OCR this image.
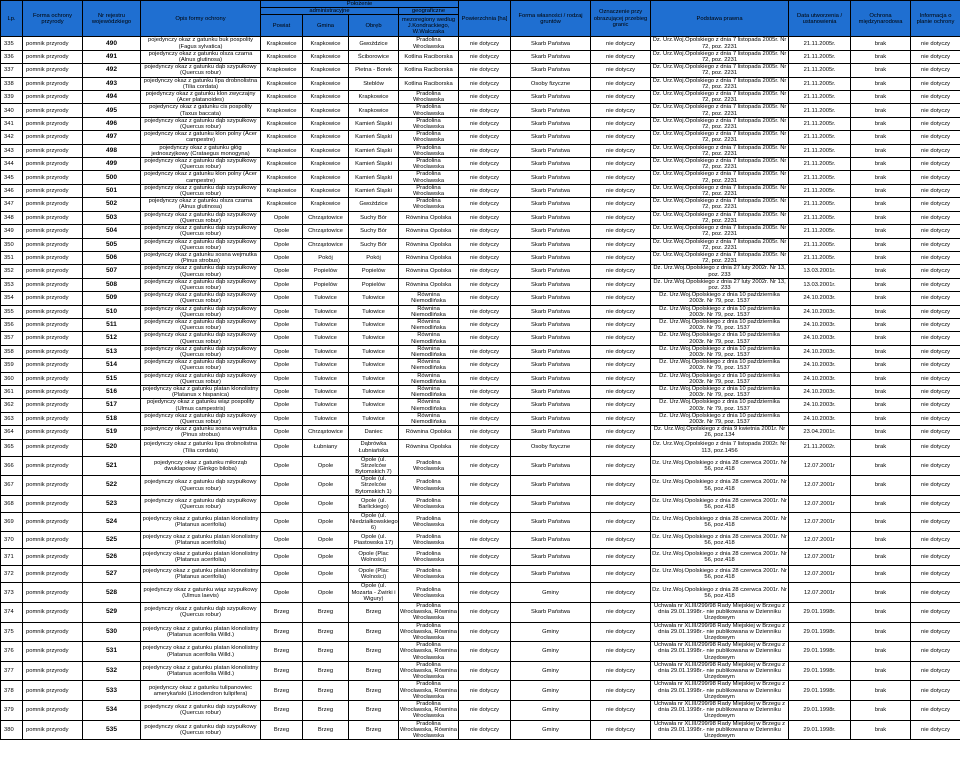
Lp.	Forma ochrony przyrody	Nr rejestru wojewódzkiego	Opis formy ochrony	Położenie				Powierzchnia [ha]	Forma własności / rodzaj gruntów	Oznaczenie przy obrazującej przebieg granic	Podstawa prawna	Data utworzenia / ustanowienia	Ochrona międzynarodowa	Informacja o planie ochrony
				administracyjne			geograficzne							
				Powiat	Gmina	Obręb	mezoregiony według J.Kondrackiego, W.Walczaka							
335	pomnik przyrody	490	pojedynczy okaz z gatunku buk pospolity (Fagus sylvatica)	Krapkowice	Krapkowice	Gwoździce	Pradolina Wrocławska	nie dotyczy	Skarb Państwa	nie dotyczy	Dz. Urz.Woj.Opolskiego z dnia 7 listopada 2005r. Nr 72, poz. 2231	21.11.2005r.	brak	nie dotyczy
336	pomnik przyrody	491	pojedynczy okaz z gatunku olsza czarna (Alnus glutinosa)	Krapkowice	Krapkowice	Ściborowice	Kotlina Raciborska	nie dotyczy	Skarb Państwa	nie dotyczy	Dz. Urz.Woj.Opolskiego z dnia 7 listopada 2005r. Nr 72, poz. 2231	21.11.2005r.	brak	nie dotyczy
337	pomnik przyrody	492	pojedynczy okaz z gatunku dąb szypułkowy (Quercus robur)	Krapkowice	Krapkowice	Pietna - Borek	Kotlina Raciborska	nie dotyczy	Skarb Państwa	nie dotyczy	Dz. Urz.Woj.Opolskiego z dnia 7 listopada 2005r. Nr 72, poz. 2231	21.11.2005r.	brak	nie dotyczy
338	pomnik przyrody	493	pojedynczy okaz z gatunku lipa drobnolistna (Tilia cordata)	Krapkowice	Krapkowice	Steblów	Kotlina Raciborska	nie dotyczy	Osoby fizyczne	nie dotyczy	Dz. Urz.Woj.Opolskiego z dnia 7 listopada 2005r. Nr 72, poz. 2231	21.11.2005r.	brak	nie dotyczy
339	pomnik przyrody	494	pojedynczy okaz z gatunku klon zwyczajny (Acer platanoides)	Krapkowice	Krapkowice	Krapkowice	Pradolina Wrocławska	nie dotyczy	Skarb Państwa	nie dotyczy	Dz. Urz.Woj.Opolskiego z dnia 7 listopada 2005r. Nr 72, poz. 2231	21.11.2005r.	brak	nie dotyczy
340	pomnik przyrody	495	pojedynczy okaz z gatunku cis pospolity (Taxus baccata)	Krapkowice	Krapkowice	Krapkowice	Pradolina Wrocławska	nie dotyczy	Skarb Państwa	nie dotyczy	Dz. Urz.Woj.Opolskiego z dnia 7 listopada 2005r. Nr 72, poz. 2231	21.11.2005r.	brak	nie dotyczy
341	pomnik przyrody	496	pojedynczy okaz z gatunku dąb szypułkowy (Quercus robur)	Krapkowice	Krapkowice	Kamień Śląski	Pradolina Wrocławska	nie dotyczy	Skarb Państwa	nie dotyczy	Dz. Urz.Woj.Opolskiego z dnia 7 listopada 2005r. Nr 72, poz. 2231	21.11.2005r.	brak	nie dotyczy
342	pomnik przyrody	497	pojedynczy okaz z gatunku klon polny (Acer campestre)	Krapkowice	Krapkowice	Kamień Śląski	Pradolina Wrocławska	nie dotyczy	Skarb Państwa	nie dotyczy	Dz. Urz.Woj.Opolskiego z dnia 7 listopada 2005r. Nr 72, poz. 2231	21.11.2005r.	brak	nie dotyczy
343	pomnik przyrody	498	pojedynczy okaz z gatunku głóg jednoszyjkowy (Crataegus monogyna)	Krapkowice	Krapkowice	Kamień Śląski	Pradolina Wrocławska	nie dotyczy	Skarb Państwa	nie dotyczy	Dz. Urz.Woj.Opolskiego z dnia 7 listopada 2005r. Nr 72, poz. 2231	21.11.2005r.	brak	nie dotyczy
344	pomnik przyrody	499	pojedynczy okaz z gatunku dąb szypułkowy (Quercus robur)	Krapkowice	Krapkowice	Kamień Śląski	Pradolina Wrocławska	nie dotyczy	Skarb Państwa	nie dotyczy	Dz. Urz.Woj.Opolskiego z dnia 7 listopada 2005r. Nr 72, poz. 2231	21.11.2005r.	brak	nie dotyczy
345	pomnik przyrody	500	pojedynczy okaz z gatunku klon polny (Acer campestre)	Krapkowice	Krapkowice	Kamień Śląski	Pradolina Wrocławska	nie dotyczy	Skarb Państwa	nie dotyczy	Dz. Urz.Woj.Opolskiego z dnia 7 listopada 2005r. Nr 72, poz. 2231	21.11.2005r.	brak	nie dotyczy
346	pomnik przyrody	501	pojedynczy okaz z gatunku dąb szypułkowy (Quercus robur)	Krapkowice	Krapkowice	Kamień Śląski	Pradolina Wrocławska	nie dotyczy	Skarb Państwa	nie dotyczy	Dz. Urz.Woj.Opolskiego z dnia 7 listopada 2005r. Nr 72, poz. 2231	21.11.2005r.	brak	nie dotyczy
347	pomnik przyrody	502	pojedynczy okaz z gatunku olsza czarna (Alnus glutinosa)	Krapkowice	Krapkowice	Gwoździce	Pradolina Wrocławska	nie dotyczy	Skarb Państwa	nie dotyczy	Dz. Urz.Woj.Opolskiego z dnia 7 listopada 2005r. Nr 72, poz. 2231	21.11.2005r.	brak	nie dotyczy
348	pomnik przyrody	503	pojedynczy okaz z gatunku dąb szypułkowy (Quercus robur)	Opole	Chrząstowice	Suchy Bór	Równina Opolska	nie dotyczy	Skarb Państwa	nie dotyczy	Dz. Urz.Woj.Opolskiego z dnia 7 listopada 2005r. Nr 72, poz. 2231	21.11.2005r.	brak	nie dotyczy
349	pomnik przyrody	504	pojedynczy okaz z gatunku dąb szypułkowy (Quercus robur)	Opole	Chrząstowice	Suchy Bór	Równina Opolska	nie dotyczy	Skarb Państwa	nie dotyczy	Dz. Urz.Woj.Opolskiego z dnia 7 listopada 2005r. Nr 72, poz. 2231	21.11.2005r.	brak	nie dotyczy
350	pomnik przyrody	505	pojedynczy okaz z gatunku dąb szypułkowy (Quercus robur)	Opole	Chrząstowice	Suchy Bór	Równina Opolska	nie dotyczy	Skarb Państwa	nie dotyczy	Dz. Urz.Woj.Opolskiego z dnia 7 listopada 2005r. Nr 72, poz. 2231	21.11.2005r.	brak	nie dotyczy
351	pomnik przyrody	506	pojedynczy okaz z gatunku sosna wejmutka (Pinus strobus)	Opole	Pokój	Pokój	Równina Opolska	nie dotyczy	Skarb Państwa	nie dotyczy	Dz. Urz.Woj.Opolskiego z dnia 7 listopada 2005r. Nr 72, poz. 2231	21.11.2005r.	brak	nie dotyczy
352	pomnik przyrody	507	pojedynczy okaz z gatunku dąb szypułkowy (Quercus robur)	Opole	Popielów	Popielów	Równina Opolska	nie dotyczy	Skarb Państwa	nie dotyczy	Dz. Urz.Woj.Opolskiego z dnia 27 luty 2002r. Nr 13, poz. 233	13.03.2001r.	brak	nie dotyczy
353	pomnik przyrody	508	pojedynczy okaz z gatunku dąb szypułkowy (Quercus robur)	Opole	Popielów	Popielów	Równina Opolska	nie dotyczy	Skarb Państwa	nie dotyczy	Dz. Urz.Woj.Opolskiego z dnia 27 luty 2002r. Nr 13, poz. 233	13.03.2001r.	brak	nie dotyczy
354	pomnik przyrody	509	pojedynczy okaz z gatunku dąb szypułkowy (Quercus robur)	Opole	Tułowice	Tułowice	Równina Niemodlińska	nie dotyczy	Skarb Państwa	nie dotyczy	Dz. Urz.Woj.Opolskiego z dnia 10 października 2003r. Nr 79, poz. 1537	24.10.2003r.	brak	nie dotyczy
355	pomnik przyrody	510	pojedynczy okaz z gatunku dąb szypułkowy (Quercus robur)	Opole	Tułowice	Tułowice	Równina Niemodlińska	nie dotyczy	Skarb Państwa	nie dotyczy	Dz. Urz.Woj.Opolskiego z dnia 10 października 2003r. Nr 79, poz. 1537	24.10.2003r.	brak	nie dotyczy
356	pomnik przyrody	511	pojedynczy okaz z gatunku dąb szypułkowy (Quercus robur)	Opole	Tułowice	Tułowice	Równina Niemodlińska	nie dotyczy	Skarb Państwa	nie dotyczy	Dz. Urz.Woj.Opolskiego z dnia 10 października 2003r. Nr 79, poz. 1537	24.10.2003r.	brak	nie dotyczy
357	pomnik przyrody	512	pojedynczy okaz z gatunku dąb szypułkowy (Quercus robur)	Opole	Tułowice	Tułowice	Równina Niemodlińska	nie dotyczy	Skarb Państwa	nie dotyczy	Dz. Urz.Woj.Opolskiego z dnia 10 października 2003r. Nr 79, poz. 1537	24.10.2003r.	brak	nie dotyczy
358	pomnik przyrody	513	pojedynczy okaz z gatunku dąb szypułkowy (Quercus robur)	Opole	Tułowice	Tułowice	Równina Niemodlińska	nie dotyczy	Skarb Państwa	nie dotyczy	Dz. Urz.Woj.Opolskiego z dnia 10 października 2003r. Nr 79, poz. 1537	24.10.2003r.	brak	nie dotyczy
359	pomnik przyrody	514	pojedynczy okaz z gatunku dąb szypułkowy (Quercus robur)	Opole	Tułowice	Tułowice	Równina Niemodlińska	nie dotyczy	Skarb Państwa	nie dotyczy	Dz. Urz.Woj.Opolskiego z dnia 10 października 2003r. Nr 79, poz. 1537	24.10.2003r.	brak	nie dotyczy
360	pomnik przyrody	515	pojedynczy okaz z gatunku dąb szypułkowy (Quercus robur)	Opole	Tułowice	Tułowice	Równina Niemodlińska	nie dotyczy	Skarb Państwa	nie dotyczy	Dz. Urz.Woj.Opolskiego z dnia 10 października 2003r. Nr 79, poz. 1537	24.10.2003r.	brak	nie dotyczy
361	pomnik przyrody	516	pojedynczy okaz z gatunku platan klonolistny (Platanus x hispanica)	Opole	Tułowice	Tułowice	Równina Niemodlińska	nie dotyczy	Skarb Państwa	nie dotyczy	Dz. Urz.Woj.Opolskiego z dnia 10 października 2003r. Nr 79, poz. 1537	24.10.2003r.	brak	nie dotyczy
362	pomnik przyrody	517	pojedynczy okaz z gatunku wiąz pospolity (Ulmus campestris)	Opole	Tułowice	Tułowice	Równina Niemodlińska	nie dotyczy	Skarb Państwa	nie dotyczy	Dz. Urz.Woj.Opolskiego z dnia 10 października 2003r. Nr 79, poz. 1537	24.10.2003r.	brak	nie dotyczy
363	pomnik przyrody	518	pojedynczy okaz z gatunku dąb szypułkowy (Quercus robur)	Opole	Tułowice	Tułowice	Równina Niemodlińska	nie dotyczy	Skarb Państwa	nie dotyczy	Dz. Urz.Woj.Opolskiego z dnia 10 października 2003r. Nr 79, poz. 1537	24.10.2003r.	brak	nie dotyczy
364	pomnik przyrody	519	pojedynczy okaz z gatunku sosna wejmutka (Pinus strobus)	Opole	Chrząstowice	Daniec	Równina Opolska	nie dotyczy	Skarb Państwa	nie dotyczy	Dz. Urz.Woj.Opolskiego z dnia 9 kwietnia 2001r. Nr 26, poz.134	23.04.2001r.	brak	nie dotyczy
365	pomnik przyrody	520	pojedynczy okaz z gatunku lipa drobnolistna (Tilia cordata)	Opole	Łubniany	Dąbrówka Łubniańska	Równina Opolska	nie dotyczy	Osoby fizyczne	nie dotyczy	Dz. Urz.Woj.Opolskiego z dnia 7 listopada 2002r. Nr 113, poz.1456	21.11.2002r.	brak	nie dotyczy
366	pomnik przyrody	521	pojedynczy okaz z gatunku miłorząb dwuklapowy (Ginkgo biloba)	Opole	Opole	Opole (ul. Strzelców Bytomskich 7)	Pradolina Wrocławska	nie dotyczy	Skarb Państwa	nie dotyczy	Dz. Urz.Woj.Opolskiego z dnia 28 czerwca 2001r. Nr 56, poz.418	12.07.2001r	brak	nie dotyczy
367	pomnik przyrody	522	pojedynczy okaz z gatunku dąb szypułkowy (Quercus robur)	Opole	Opole	Opole (ul. Strzelców Bytomskich 1)	Pradolina Wrocławska	nie dotyczy	Skarb Państwa	nie dotyczy	Dz. Urz.Woj.Opolskiego z dnia 28 czerwca 2001r. Nr 56, poz.418	12.07.2001r	brak	nie dotyczy
368	pomnik przyrody	523	pojedynczy okaz z gatunku dąb szypułkowy (Quercus robur)	Opole	Opole	Opole (ul. Barlickiego)	Pradolina Wrocławska	nie dotyczy	Skarb Państwa	nie dotyczy	Dz. Urz.Woj.Opolskiego z dnia 28 czerwca 2001r. Nr 56, poz.418	12.07.2001r	brak	nie dotyczy
369	pomnik przyrody	524	pojedynczy okaz z gatunku platan klonolistny (Platanus acerifolia)	Opole	Opole	Opole (ul. Niedziałkowskiego 6)	Pradolina Wrocławska	nie dotyczy	Skarb Państwa	nie dotyczy	Dz. Urz.Woj.Opolskiego z dnia 28 czerwca 2001r. Nr 56, poz.418	12.07.2001r	brak	nie dotyczy
370	pomnik przyrody	525	pojedynczy okaz z gatunku platan klonolistny (Platanus acerifolia)	Opole	Opole	Opole (ul. Piastowska 17)	Pradolina Wrocławska	nie dotyczy	Skarb Państwa	nie dotyczy	Dz. Urz.Woj.Opolskiego z dnia 28 czerwca 2001r. Nr 56, poz.418	12.07.2001r	brak	nie dotyczy
371	pomnik przyrody	526	pojedynczy okaz z gatunku platan klonolistny (Platanus acerifolia)	Opole	Opole	Opole (Plac Wolności)	Pradolina Wrocławska	nie dotyczy	Skarb Państwa	nie dotyczy	Dz. Urz.Woj.Opolskiego z dnia 28 czerwca 2001r. Nr 56, poz.418	12.07.2001r	brak	nie dotyczy
372	pomnik przyrody	527	pojedynczy okaz z gatunku platan klonolistny (Platanus acerifolia)	Opole	Opole	Opole (Plac Wolności)	Pradolina Wrocławska	nie dotyczy	Skarb Państwa	nie dotyczy	Dz. Urz.Woj.Opolskiego z dnia 28 czerwca 2001r. Nr 56, poz.418	12.07.2001r	brak	nie dotyczy
373	pomnik przyrody	528	pojedynczy okaz z gatunku wiąz szypułkowy (Ulmus laevis)	Opole	Opole	Opole (ul. Mozarta - Żwirki i Wigury)	Pradolina Wrocławska	nie dotyczy	Gminy	nie dotyczy	Dz. Urz.Woj.Opolskiego z dnia 28 czerwca 2001r. Nr 56, poz.418	12.07.2001r	brak	nie dotyczy
374	pomnik przyrody	529	pojedynczy okaz z gatunku dąb szypułkowy (Quercus robur)	Brzeg	Brzeg	Brzeg	Pradolina Wrocławska, Równina Wrocławska	nie dotyczy	Skarb Państwa	nie dotyczy	Uchwała nr XLIII/299/98 Rady Miejskiej w Brzegu z dnia 29.01.1998r.- nie publikowana w Dzienniku Urzędowym	29.01.1998r.	brak	nie dotyczy
375	pomnik przyrody	530	pojedynczy okaz z gatunku platan klonolistny (Platanus acerifolia Willd.)	Brzeg	Brzeg	Brzeg	Pradolina Wrocławska, Równina Wrocławska	nie dotyczy	Gminy	nie dotyczy	Uchwała nr XLIII/299/98 Rady Miejskiej w Brzegu z dnia 29.01.1998r.- nie publikowana w Dzienniku Urzędowym	29.01.1998r.	brak	nie dotyczy
376	pomnik przyrody	531	pojedynczy okaz z gatunku platan klonolistny (Platanus acerifolia Willd.)	Brzeg	Brzeg	Brzeg	Pradolina Wrocławska, Równina Wrocławska	nie dotyczy	Gminy	nie dotyczy	Uchwała nr XLIII/299/98 Rady Miejskiej w Brzegu z dnia 29.01.1998r.- nie publikowana w Dzienniku Urzędowym	29.01.1998r.	brak	nie dotyczy
377	pomnik przyrody	532	pojedynczy okaz z gatunku platan klonolistny (Platanus acerifolia Willd.)	Brzeg	Brzeg	Brzeg	Pradolina Wrocławska, Równina Wrocławska	nie dotyczy	Gminy	nie dotyczy	Uchwała nr XLIII/299/98 Rady Miejskiej w Brzegu z dnia 29.01.1998r.- nie publikowana w Dzienniku Urzędowym	29.01.1998r.	brak	nie dotyczy
378	pomnik przyrody	533	pojedynczy okaz z gatunku tulipanowiec amerykański (Liriodendron tulipifera)	Brzeg	Brzeg	Brzeg	Pradolina Wrocławska, Równina Wrocławska	nie dotyczy	Gminy	nie dotyczy	Uchwała nr XLIII/299/98 Rady Miejskiej w Brzegu z dnia 29.01.1998r.- nie publikowana w Dzienniku Urzędowym	29.01.1998r.	brak	nie dotyczy
379	pomnik przyrody	534	pojedynczy okaz z gatunku dąb szypułkowy (Quercus robur)	Brzeg	Brzeg	Brzeg	Pradolina Wrocławska, Równina Wrocławska	nie dotyczy	Gminy	nie dotyczy	Uchwała nr XLIII/299/98 Rady Miejskiej w Brzegu z dnia 29.01.1998r.- nie publikowana w Dzienniku Urzędowym	29.01.1998r.	brak	nie dotyczy
380	pomnik przyrody	535	pojedynczy okaz z gatunku dąb szypułkowy (Quercus robur)	Brzeg	Brzeg	Brzeg	Pradolina Wrocławska, Równina Wrocławska	nie dotyczy	Gminy	nie dotyczy	Uchwała nr XLIII/299/98 Rady Miejskiej w Brzegu z dnia 29.01.1998r.- nie publikowana w Dzienniku Urzędowym	29.01.1998r.	brak	nie dotyczy
